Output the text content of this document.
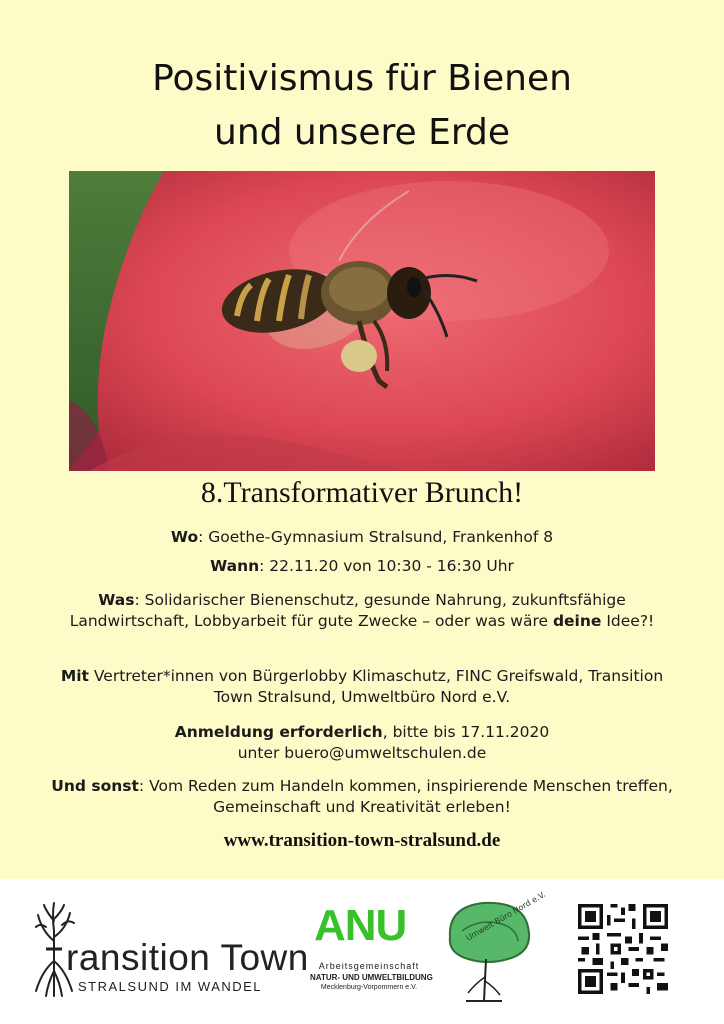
Positivismus für Bienen
und unsere Erde
8.Transformativer Brunch!
Wo: Goethe-Gymnasium Stralsund, Frankenhof 8
Wann: 22.11.20 von 10:30 - 16:30 Uhr
Was: Solidarischer Bienenschutz, gesunde Nahrung, zukunftsfähige Landwirtschaft, Lobbyarbeit für gute Zwecke – oder was wäre deine Idee?!
Mit Vertreter*innen von Bürgerlobby Klimaschutz, FINC Greifswald, Transition Town Stralsund, Umweltbüro Nord e.V.
Anmeldung erforderlich, bitte bis 17.11.2020
unter buero@umweltschulen.de
Und sonst: Vom Reden zum Handeln kommen, inspirierende Menschen treffen, Gemeinschaft und Kreativität erleben!
www.transition-town-stralsund.de
ransition Town
STRALSUND IM WANDEL
ANU
Arbeitsgemeinschaft
NATUR- UND UMWELTBILDUNG
Mecklenburg-Vorpommern e.V.
Umwelt Büro Nord e.V.
